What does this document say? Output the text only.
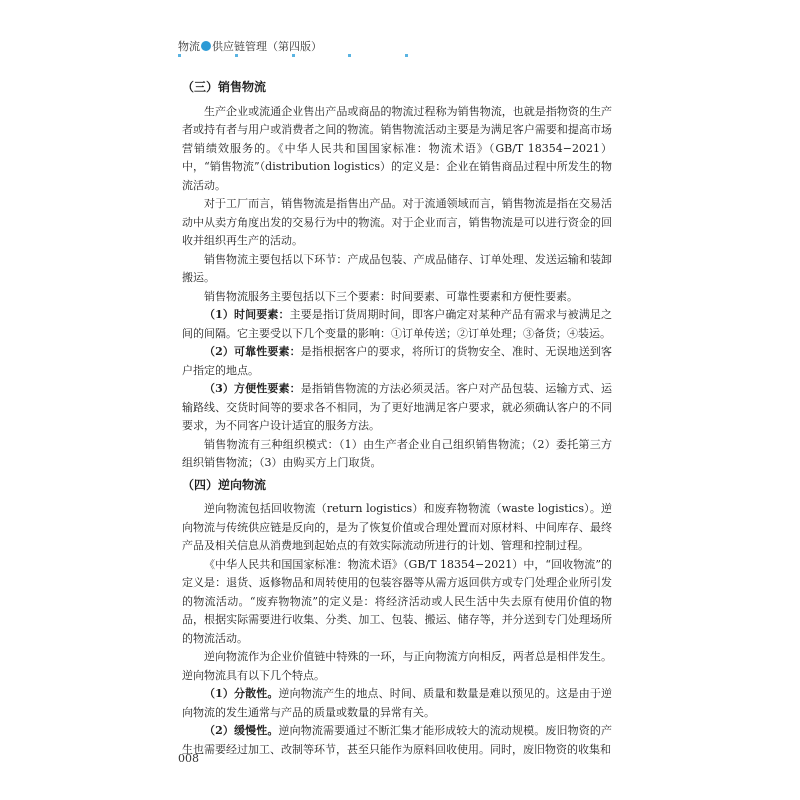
物流 供应链管理（第四版）

（三）销售物流

生产企业或流通企业售出产品或商品的物流过程称为销售物流，也就是指物资的生产者或持有者与用户或消费者之间的物流。销售物流活动主要是为满足客户需要和提高市场营销绩效服务的。《中华人民共和国国家标准：物流术语》（GB/T 18354−2021）中，“销售物流”（distribution logistics）的定义是：企业在销售商品过程中所发生的物流活动。

对于工厂而言，销售物流是指售出产品。对于流通领域而言，销售物流是指在交易活动中从卖方角度出发的交易行为中的物流。对于企业而言，销售物流是可以进行资金的回收并组织再生产的活动。

销售物流主要包括以下环节：产成品包装、产成品储存、订单处理、发送运输和装卸搬运。

销售物流服务主要包括以下三个要素：时间要素、可靠性要素和方便性要素。

（1）时间要素：主要是指订货周期时间，即客户确定对某种产品有需求与被满足之间的间隔。它主要受以下几个变量的影响：①订单传送；②订单处理；③备货；④装运。

（2）可靠性要素：是指根据客户的要求，将所订的货物安全、准时、无误地送到客户指定的地点。

（3）方便性要素：是指销售物流的方法必须灵活。客户对产品包装、运输方式、运输路线、交货时间等的要求各不相同，为了更好地满足客户要求，就必须确认客户的不同要求，为不同客户设计适宜的服务方法。

销售物流有三种组织模式：（1）由生产者企业自己组织销售物流；（2）委托第三方组织销售物流；（3）由购买方上门取货。

（四）逆向物流

逆向物流包括回收物流（return logistics）和废弃物物流（waste logistics）。逆向物流与传统供应链是反向的，是为了恢复价值或合理处置而对原材料、中间库存、最终产品及相关信息从消费地到起始点的有效实际流动所进行的计划、管理和控制过程。

《中华人民共和国国家标准：物流术语》（GB/T 18354−2021）中，“回收物流”的定义是：退货、返修物品和周转使用的包装容器等从需方返回供方或专门处理企业所引发的物流活动。“废弃物物流”的定义是：将经济活动或人民生活中失去原有使用价值的物品，根据实际需要进行收集、分类、加工、包装、搬运、储存等，并分送到专门处理场所的物流活动。

逆向物流作为企业价值链中特殊的一环，与正向物流方向相反，两者总是相伴发生。逆向物流具有以下几个特点。

（1）分散性。逆向物流产生的地点、时间、质量和数量是难以预见的。这是由于逆向物流的发生通常与产品的质量或数量的异常有关。

（2）缓慢性。逆向物流需要通过不断汇集才能形成较大的流动规模。废旧物资的产生也需要经过加工、改制等环节，甚至只能作为原料回收使用。同时，废旧物资的收集和

008
